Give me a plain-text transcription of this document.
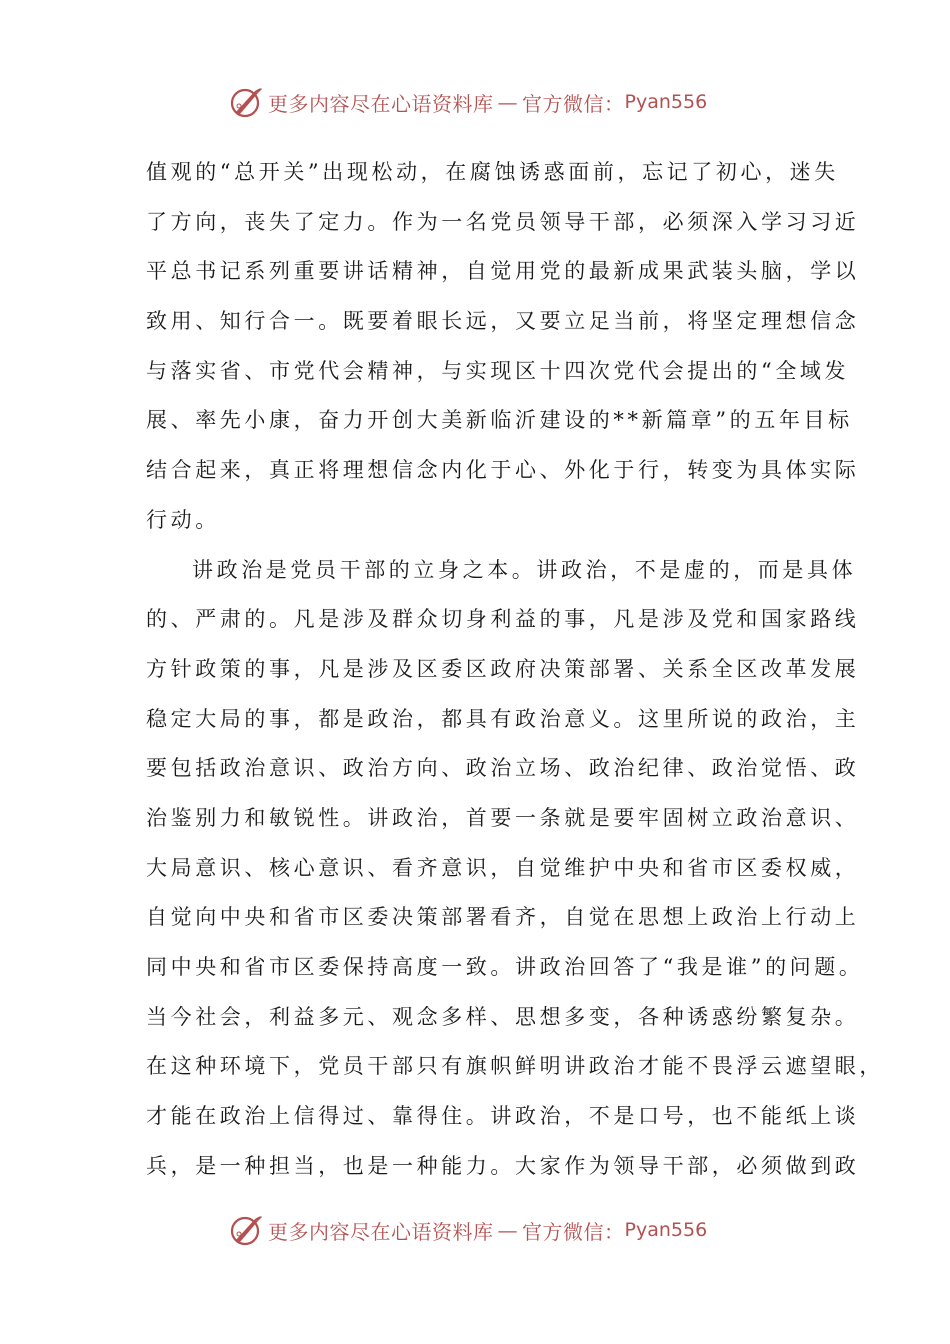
更多内容尽在心语资料库 — 官方微信： Pyan556
值观的“总开关”出现松动，在腐蚀诱惑面前，忘记了初心，迷失
了方向，丧失了定力。作为一名党员领导干部，必须深入学习习近
平总书记系列重要讲话精神，自觉用党的最新成果武装头脑，学以
致用、知行合一。既要着眼长远，又要立足当前，将坚定理想信念
与落实省、市党代会精神，与实现区十四次党代会提出的“全域发
展、率先小康，奋力开创大美新临沂建设的**新篇章”的五年目标
结合起来，真正将理想信念内化于心、外化于行，转变为具体实际
行动。
讲政治是党员干部的立身之本。讲政治，不是虚的，而是具体
的、严肃的。凡是涉及群众切身利益的事，凡是涉及党和国家路线
方针政策的事，凡是涉及区委区政府决策部署、关系全区改革发展
稳定大局的事，都是政治，都具有政治意义。这里所说的政治，主
要包括政治意识、政治方向、政治立场、政治纪律、政治觉悟、政
治鉴别力和敏锐性。讲政治，首要一条就是要牢固树立政治意识、
大局意识、核心意识、看齐意识，自觉维护中央和省市区委权威，
自觉向中央和省市区委决策部署看齐，自觉在思想上政治上行动上
同中央和省市区委保持高度一致。讲政治回答了“我是谁”的问题。
当今社会，利益多元、观念多样、思想多变，各种诱惑纷繁复杂。
在这种环境下，党员干部只有旗帜鲜明讲政治才能不畏浮云遮望眼，
才能在政治上信得过、靠得住。讲政治，不是口号，也不能纸上谈
兵，是一种担当，也是一种能力。大家作为领导干部，必须做到政
更多内容尽在心语资料库 — 官方微信： Pyan556
